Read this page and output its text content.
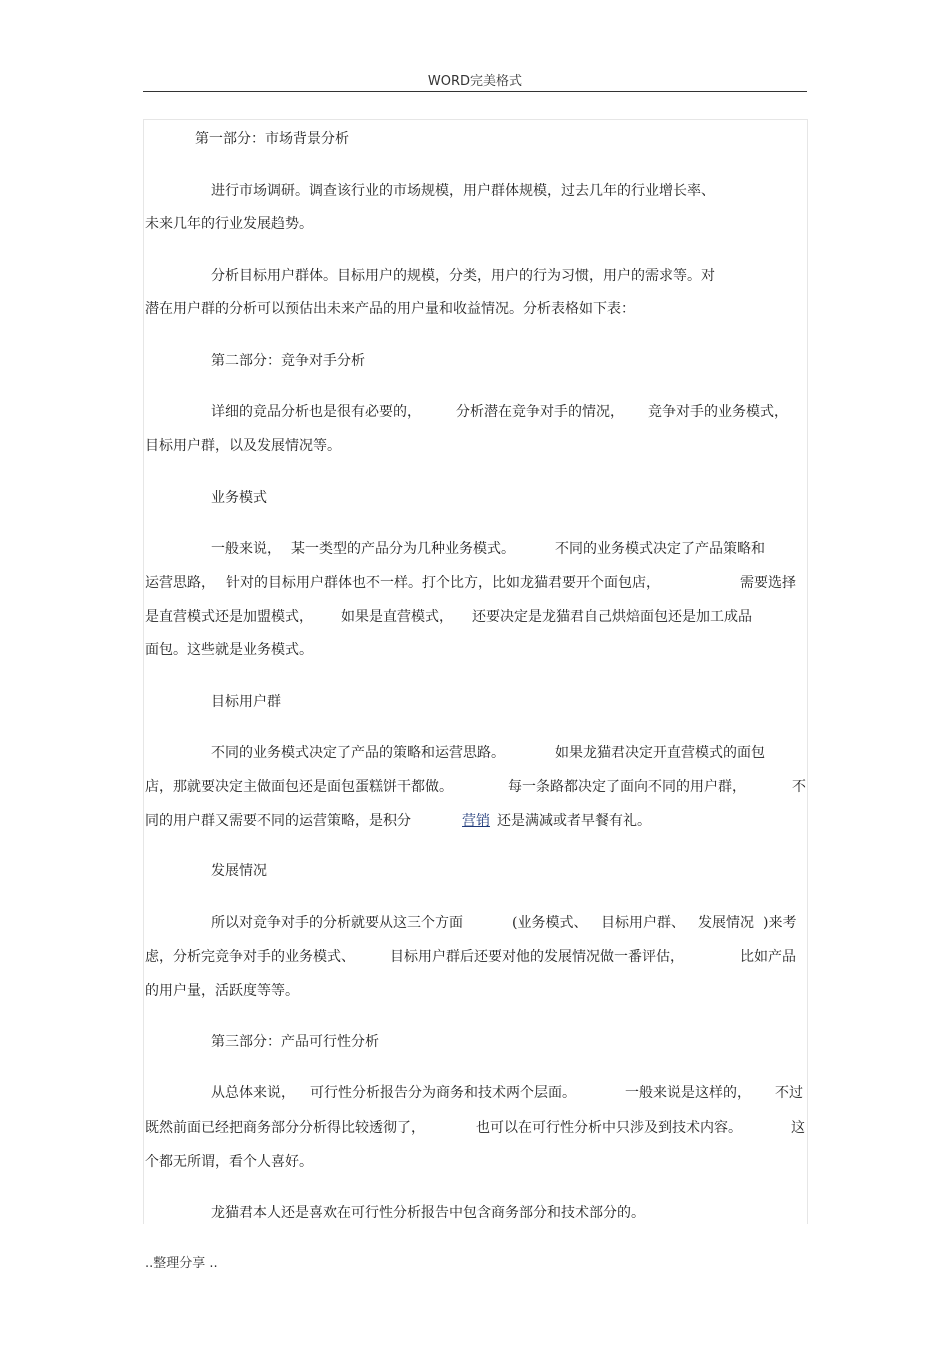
WORD完美格式
第一部分：市场背景分析
进行市场调研。调查该行业的市场规模，用户群体规模，过去几年的行业增长率、
未来几年的行业发展趋势。
分析目标用户群体。目标用户的规模，分类，用户的行为习惯，用户的需求等。对
潜在用户群的分析可以预估出未来产品的用户量和收益情况。分析表格如下表：
第二部分：竞争对手分析
详细的竞品分析也是很有必要的，	分析潜在竞争对手的情况， 竞争对手的业务模式，
目标用户群，以及发展情况等。
业务模式
一般来说， 某一类型的产品分为几种业务模式。	不同的业务模式决定了产品策略和
运营思路， 针对的目标用户群体也不一样。打个比方，比如龙猫君要开个面包店，	需要选择
是直营模式还是加盟模式， 如果是直营模式， 还要决定是龙猫君自己烘焙面包还是加工成品
面包。这些就是业务模式。
目标用户群
不同的业务模式决定了产品的策略和运营思路。	如果龙猫君决定开直营模式的面包
店，那就要决定主做面包还是面包蛋糕饼干都做。	每一条路都决定了面向不同的用户群，	不
同的用户群又需要不同的运营策略，是积分	营销 还是满减或者早餐有礼。
发展情况
所以对竞争对手的分析就要从这三个方面	(业务模式、 目标用户群、 发展情况 )来考
虑，分析完竞争对手的业务模式、	目标用户群后还要对他的发展情况做一番评估，	比如产品
的用户量，活跃度等等。
第三部分：产品可行性分析
从总体来说， 可行性分析报告分为商务和技术两个层面。	一般来说是这样的， 不过
既然前面已经把商务部分分析得比较透彻了，	也可以在可行性分析中只涉及到技术内容。	这
个都无所谓，看个人喜好。
龙猫君本人还是喜欢在可行性分析报告中包含商务部分和技术部分的。
..整理分享 ..
